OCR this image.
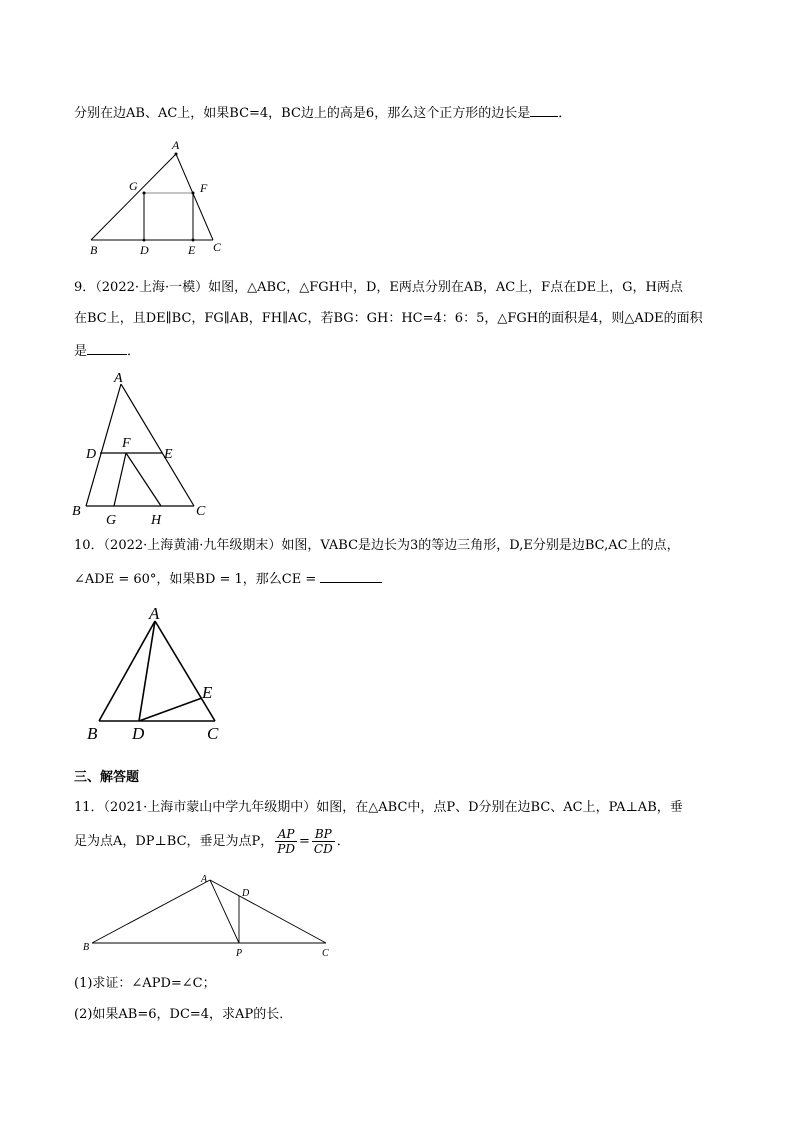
分别在边AB、AC上，如果BC=4，BC边上的高是6，那么这个正方形的边长是 ．
A
G	F
B	D	E C
9．（2022·上海·一模）如图，△ABC，△FGH中，D，E两点分别在AB，AC上，F点在DE上，G，H两点
在BC上，且DE∥BC，FG∥AB，FH∥AC，若BG：GH：HC=4：6：5，△FGH的面积是4，则△ADE的面积
是	．
A
F
D	E
B
G H
C
10．（2022·上海黄浦·九年级期末）如图，VABC是边长为3的等边三角形，D,E分别是边BC,AC上的点，
∠ADE = 60°，如果BD = 1，那么CE =
A
E
B D	C
三、解答题
11．（2021·上海市蒙山中学九年级期中）如图，在△ABC中，点P、D分别在边BC、AC上，PA⊥AB，垂
足为点A，DP⊥BC，垂足为点P， $\frac{AP}{PD} = \frac{BP}{CD}$ ．
A
D
B
P	C
(1)求证：∠APD=∠C；
(2)如果AB=6，DC=4，求AP的长．
